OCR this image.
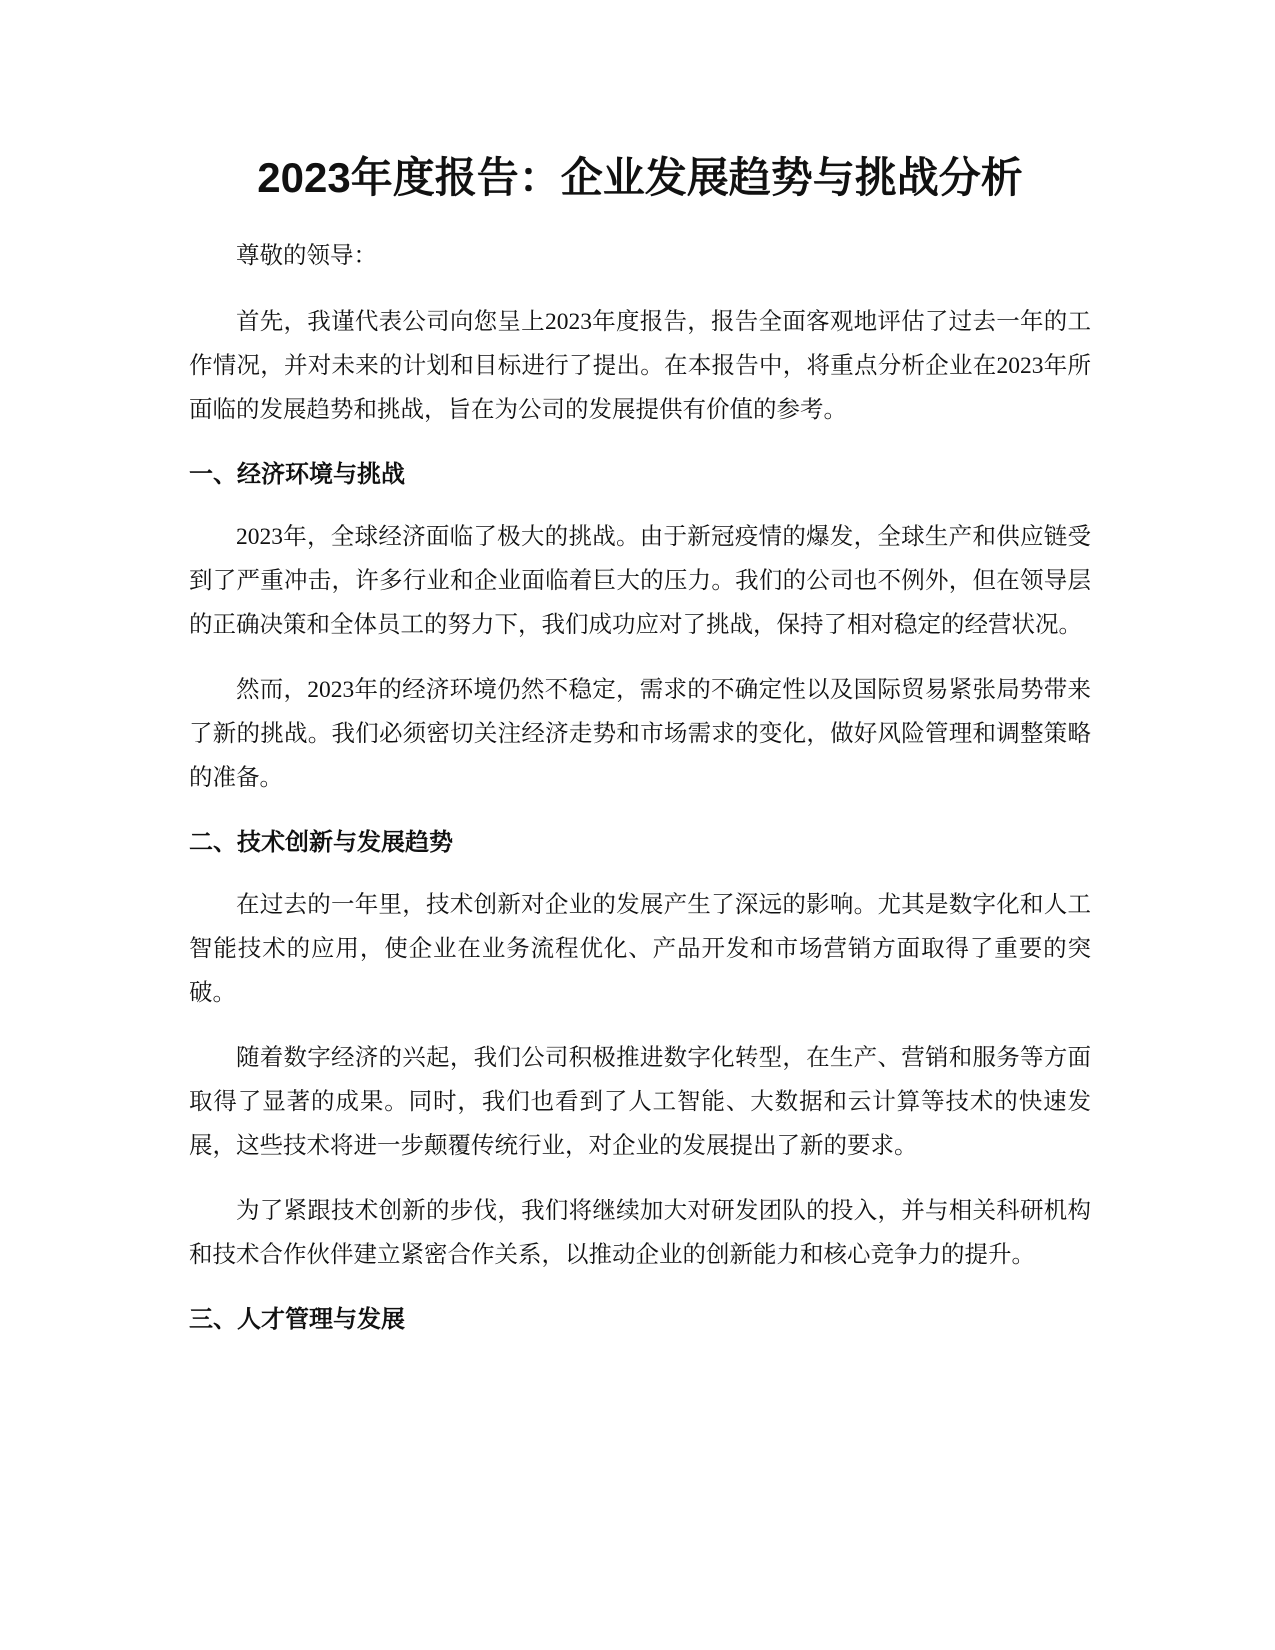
2023年度报告：企业发展趋势与挑战分析

尊敬的领导：

首先，我谨代表公司向您呈上2023年度报告，报告全面客观地评估了过去一年的工作情况，并对未来的计划和目标进行了提出。在本报告中，将重点分析企业在2023年所面临的发展趋势和挑战，旨在为公司的发展提供有价值的参考。

一、经济环境与挑战

2023年，全球经济面临了极大的挑战。由于新冠疫情的爆发，全球生产和供应链受到了严重冲击，许多行业和企业面临着巨大的压力。我们的公司也不例外，但在领导层的正确决策和全体员工的努力下，我们成功应对了挑战，保持了相对稳定的经营状况。

然而，2023年的经济环境仍然不稳定，需求的不确定性以及国际贸易紧张局势带来了新的挑战。我们必须密切关注经济走势和市场需求的变化，做好风险管理和调整策略的准备。

二、技术创新与发展趋势

在过去的一年里，技术创新对企业的发展产生了深远的影响。尤其是数字化和人工智能技术的应用，使企业在业务流程优化、产品开发和市场营销方面取得了重要的突破。

随着数字经济的兴起，我们公司积极推进数字化转型，在生产、营销和服务等方面取得了显著的成果。同时，我们也看到了人工智能、大数据和云计算等技术的快速发展，这些技术将进一步颠覆传统行业，对企业的发展提出了新的要求。

为了紧跟技术创新的步伐，我们将继续加大对研发团队的投入，并与相关科研机构和技术合作伙伴建立紧密合作关系，以推动企业的创新能力和核心竞争力的提升。

三、人才管理与发展
